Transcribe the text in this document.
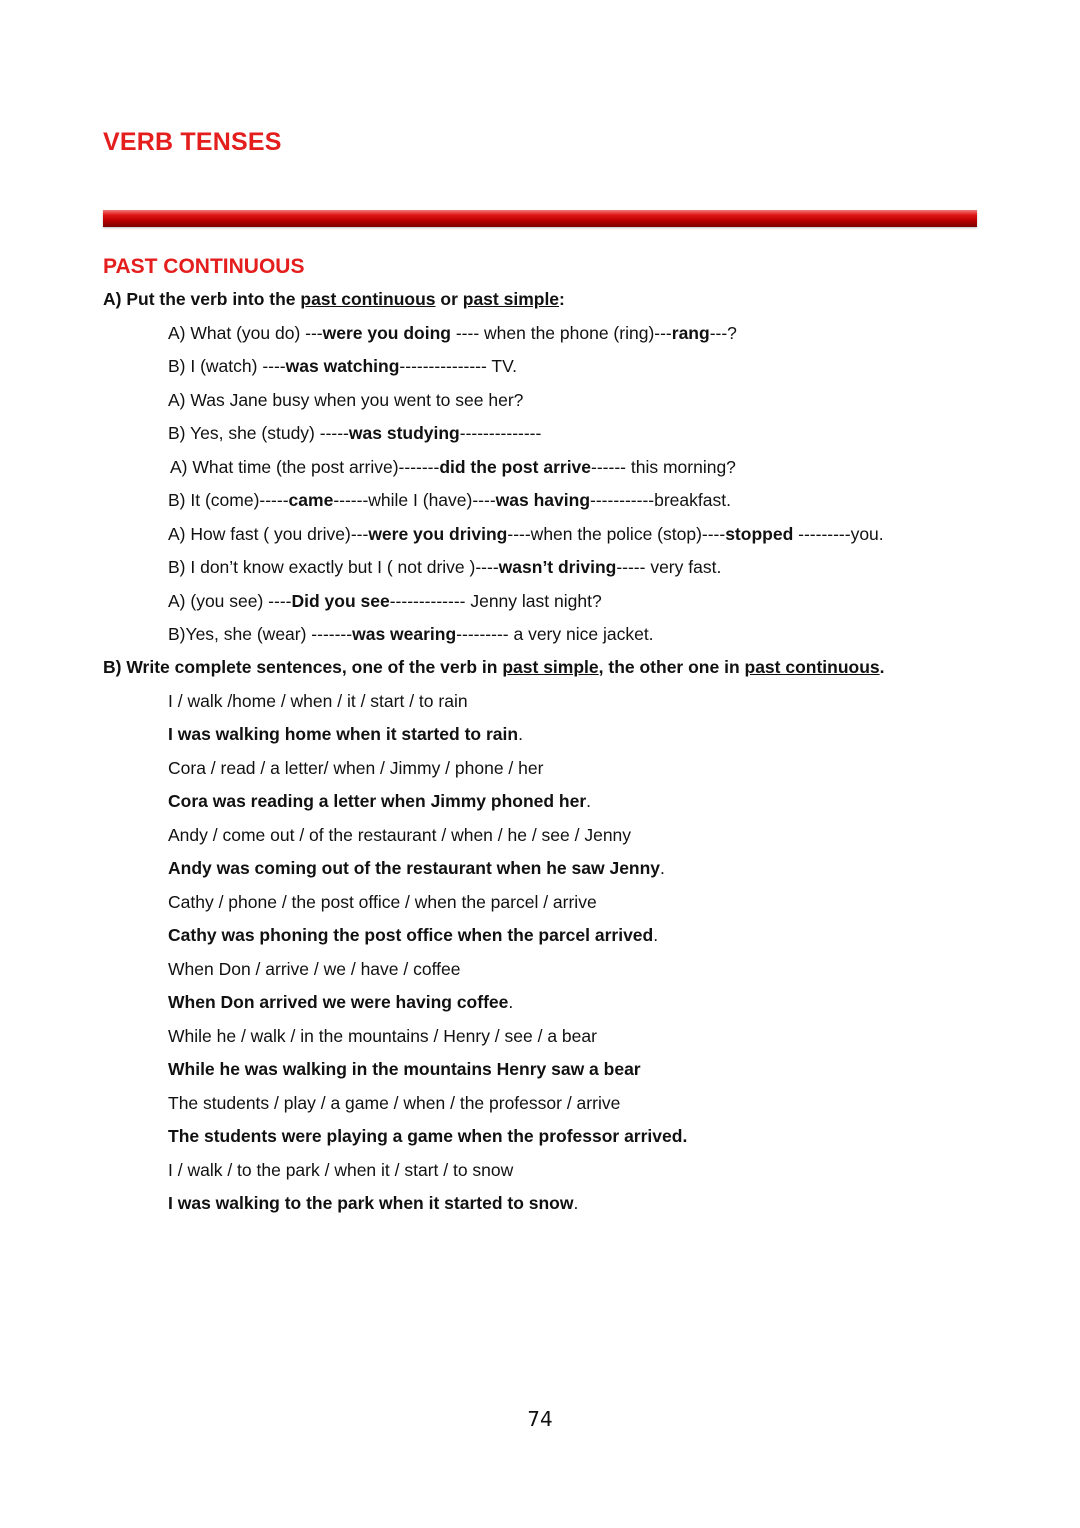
VERB TENSES
PAST CONTINUOUS
A) Put the verb into the past continuous or past simple:
A) What (you do) ---were you doing ---- when the phone (ring)---rang---?
B) I (watch) ----was watching--------------- TV.
A) Was Jane busy when you went to see her?
B) Yes, she (study) -----was studying--------------
A) What time (the post arrive)-------did the post arrive------ this morning?
B) It (come)-----came------while I (have)----was having-----------breakfast.
A) How fast ( you drive)---were you driving----when the police (stop)----stopped ---------you.
B) I don’t know exactly but I ( not drive )----wasn’t driving----- very fast.
A) (you see) ----Did you see------------- Jenny last night?
B)Yes, she (wear) -------was wearing--------- a very nice jacket.
B) Write complete sentences, one of the verb in past simple, the other one in past continuous.
I / walk /home / when / it / start / to rain
I was walking home when it started to rain.
Cora / read / a letter/ when / Jimmy / phone / her
Cora was reading a letter when Jimmy phoned her.
Andy / come out / of the restaurant / when / he / see / Jenny
Andy was coming out of the restaurant when he saw Jenny.
Cathy / phone / the post office / when the parcel / arrive
Cathy was phoning the post office when the parcel arrived.
When Don / arrive / we / have / coffee
When Don arrived we were having coffee.
While he / walk / in the mountains / Henry / see / a bear
While he was walking in the mountains Henry saw a bear
The students / play / a game / when / the professor / arrive
The students were playing a game when the professor arrived.
I / walk / to the park / when it / start / to snow
I was walking to the park when it started to snow.
74
